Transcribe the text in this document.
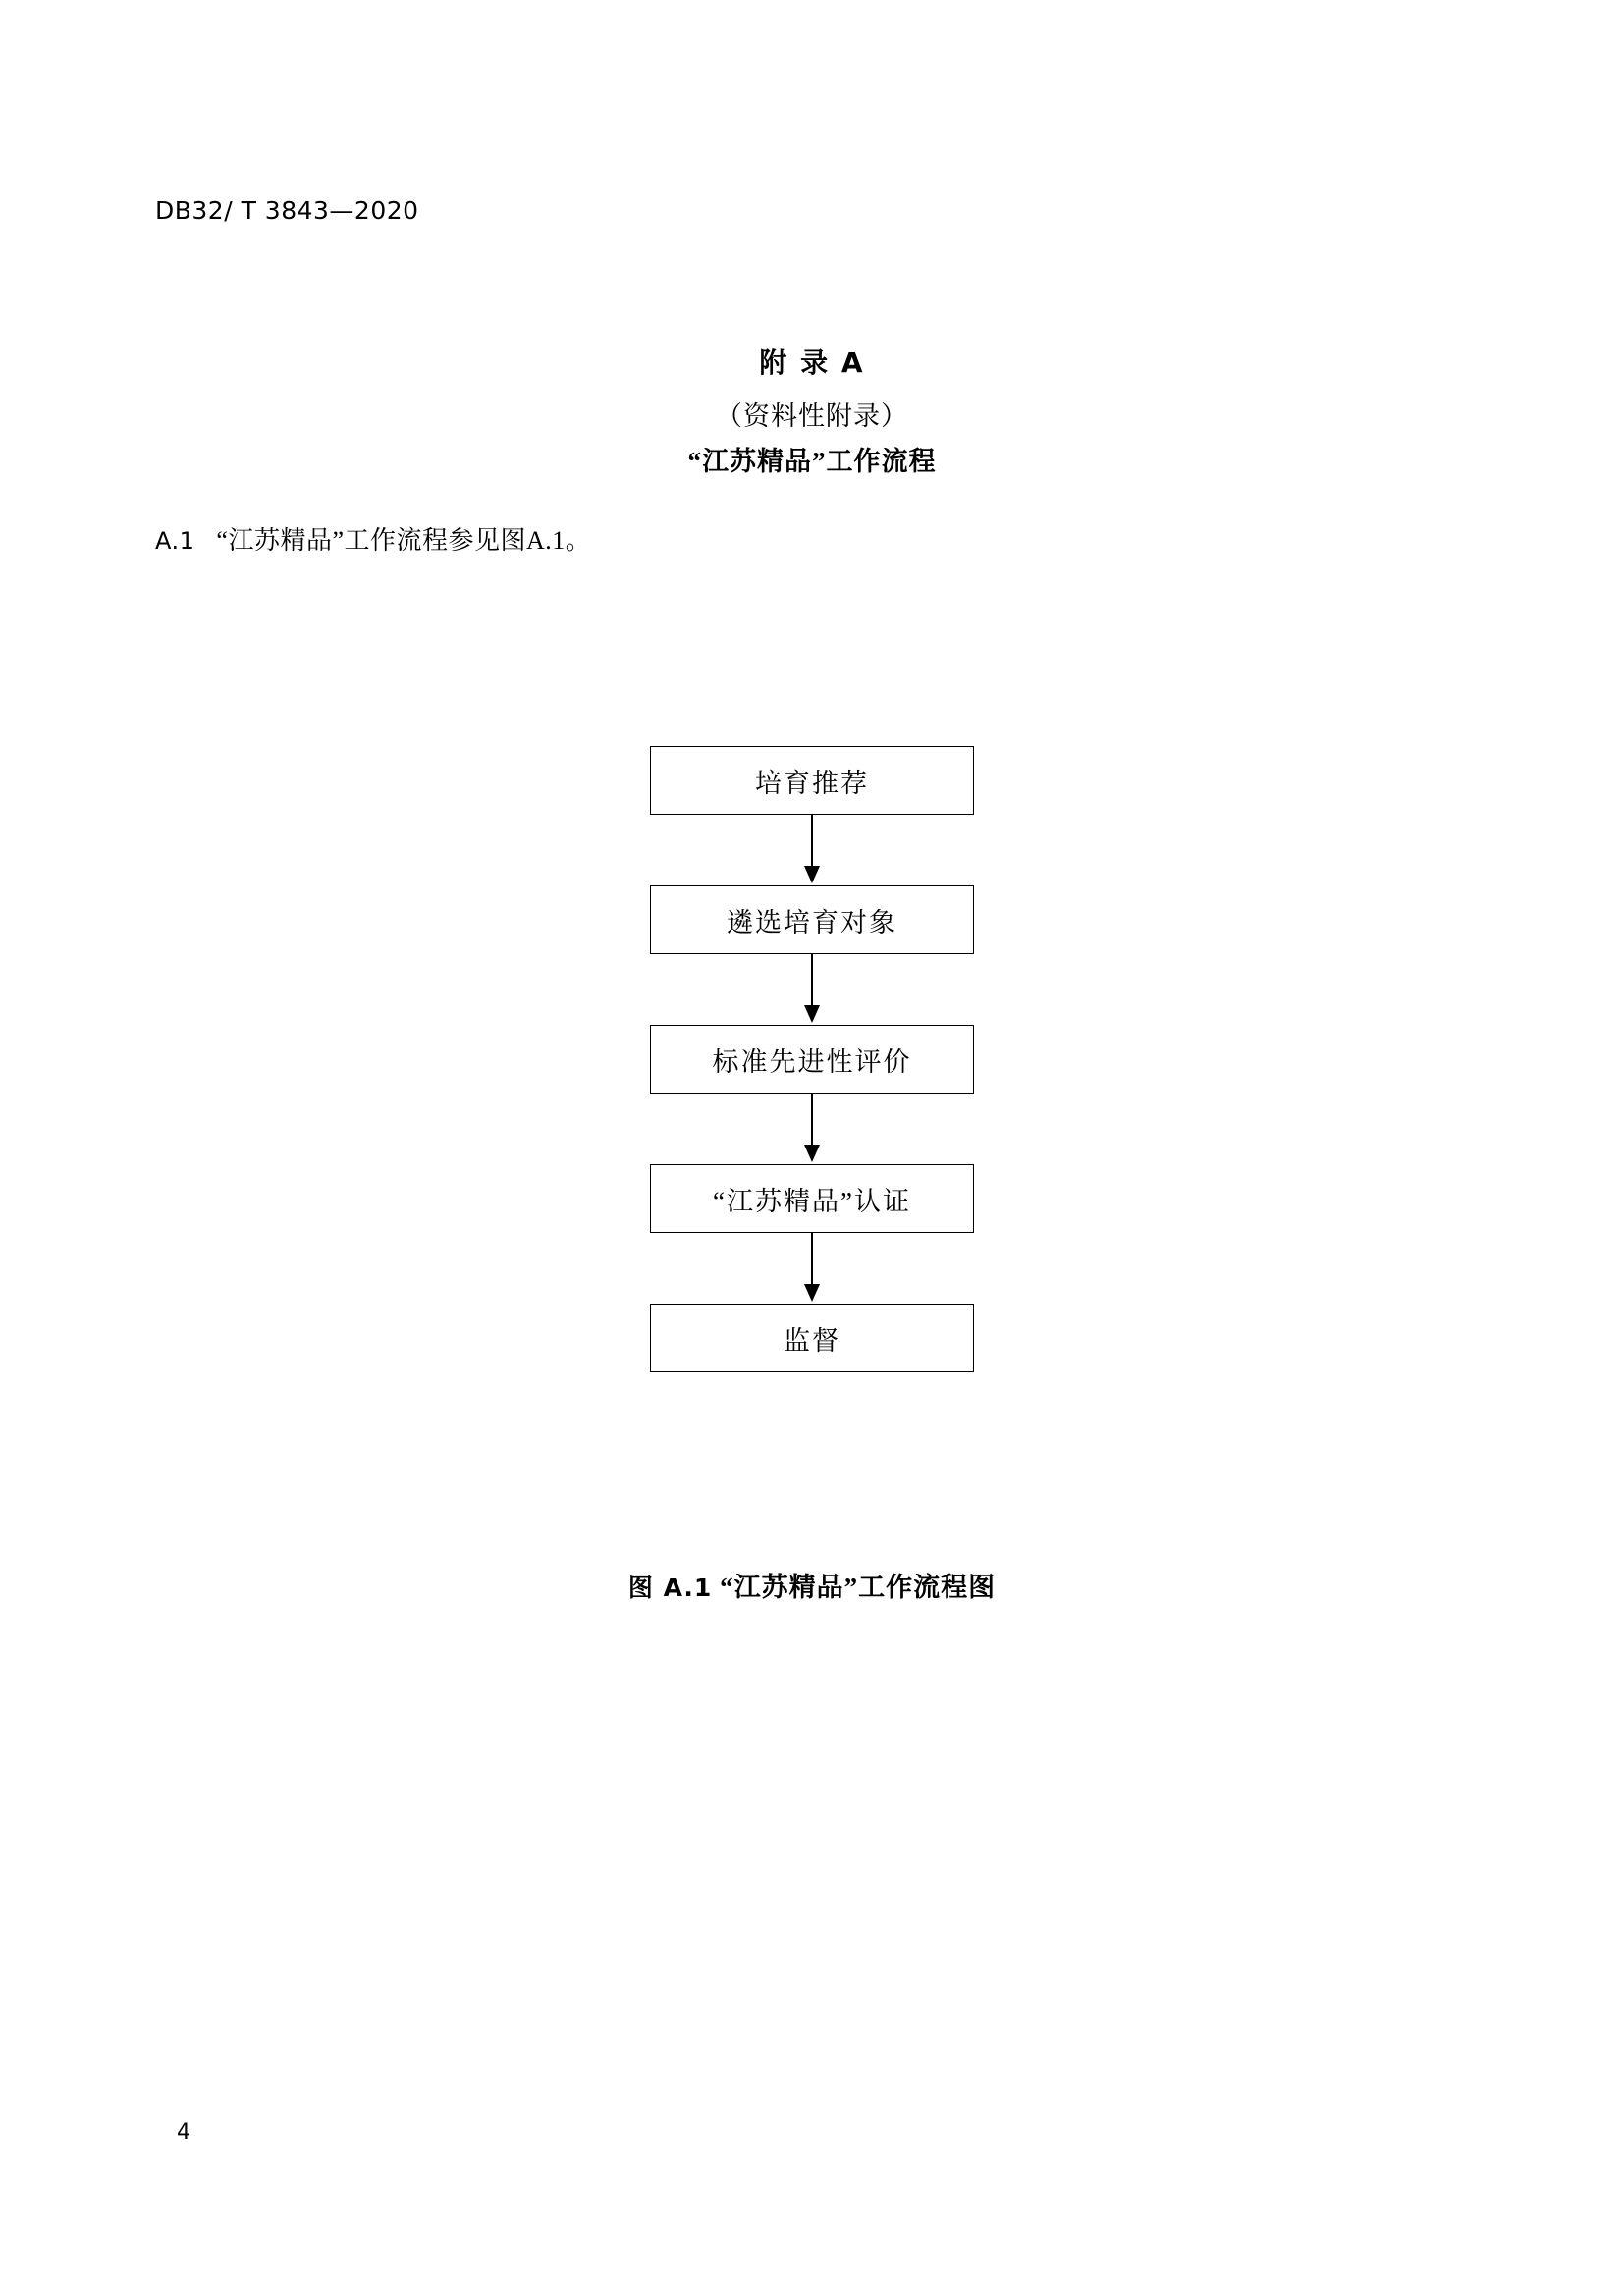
DB32/ T 3843—2020
附 录 A
（资料性附录）
“江苏精品”工作流程
A.1 “江苏精品”工作流程参见图A.1。
培育推荐
遴选培育对象
标准先进性评价
“江苏精品”认证
监督
图 A.1 “江苏精品”工作流程图
4
